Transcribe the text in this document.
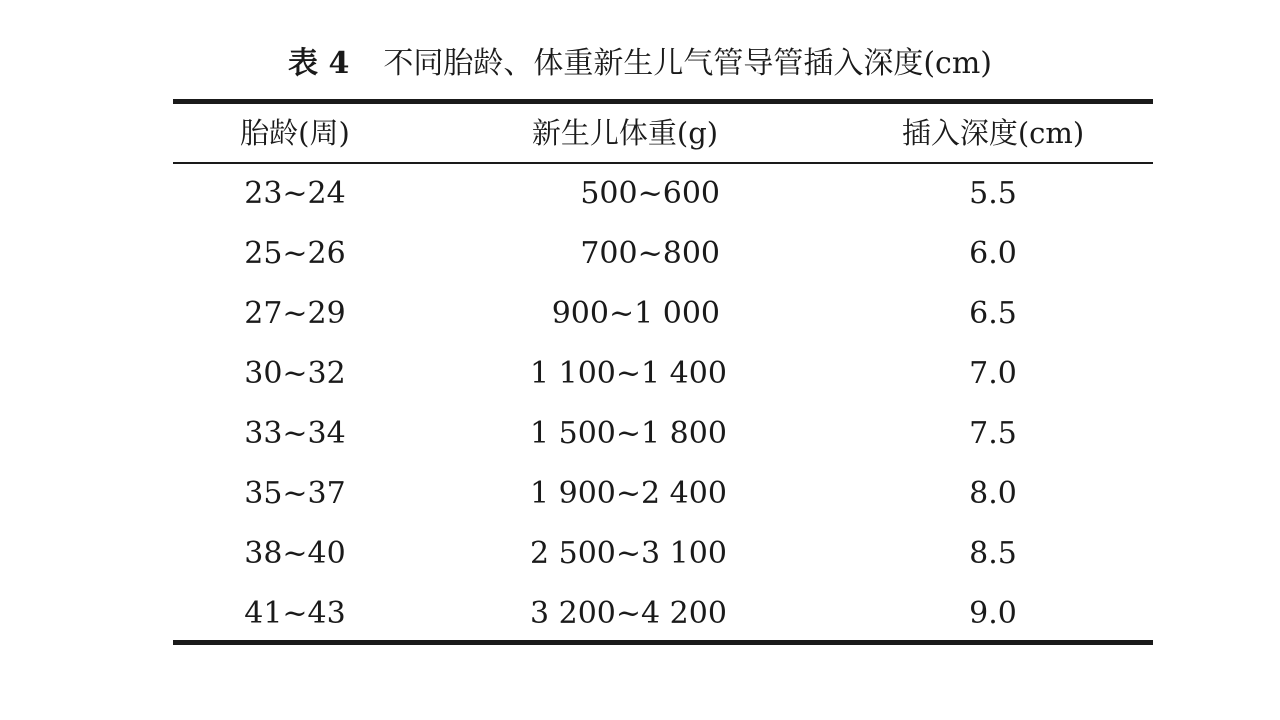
表 4 不同胎龄、体重新生儿气管导管插入深度(cm)
胎龄(周)	新生儿体重(g)	插入深度(cm)
23~24	500~600	5.5
25~26	700~800	6.0
27~29	900~1 000	6.5
30~32	1 100~1 400	7.0
33~34	1 500~1 800	7.5
35~37	1 900~2 400	8.0
38~40	2 500~3 100	8.5
41~43	3 200~4 200	9.0
